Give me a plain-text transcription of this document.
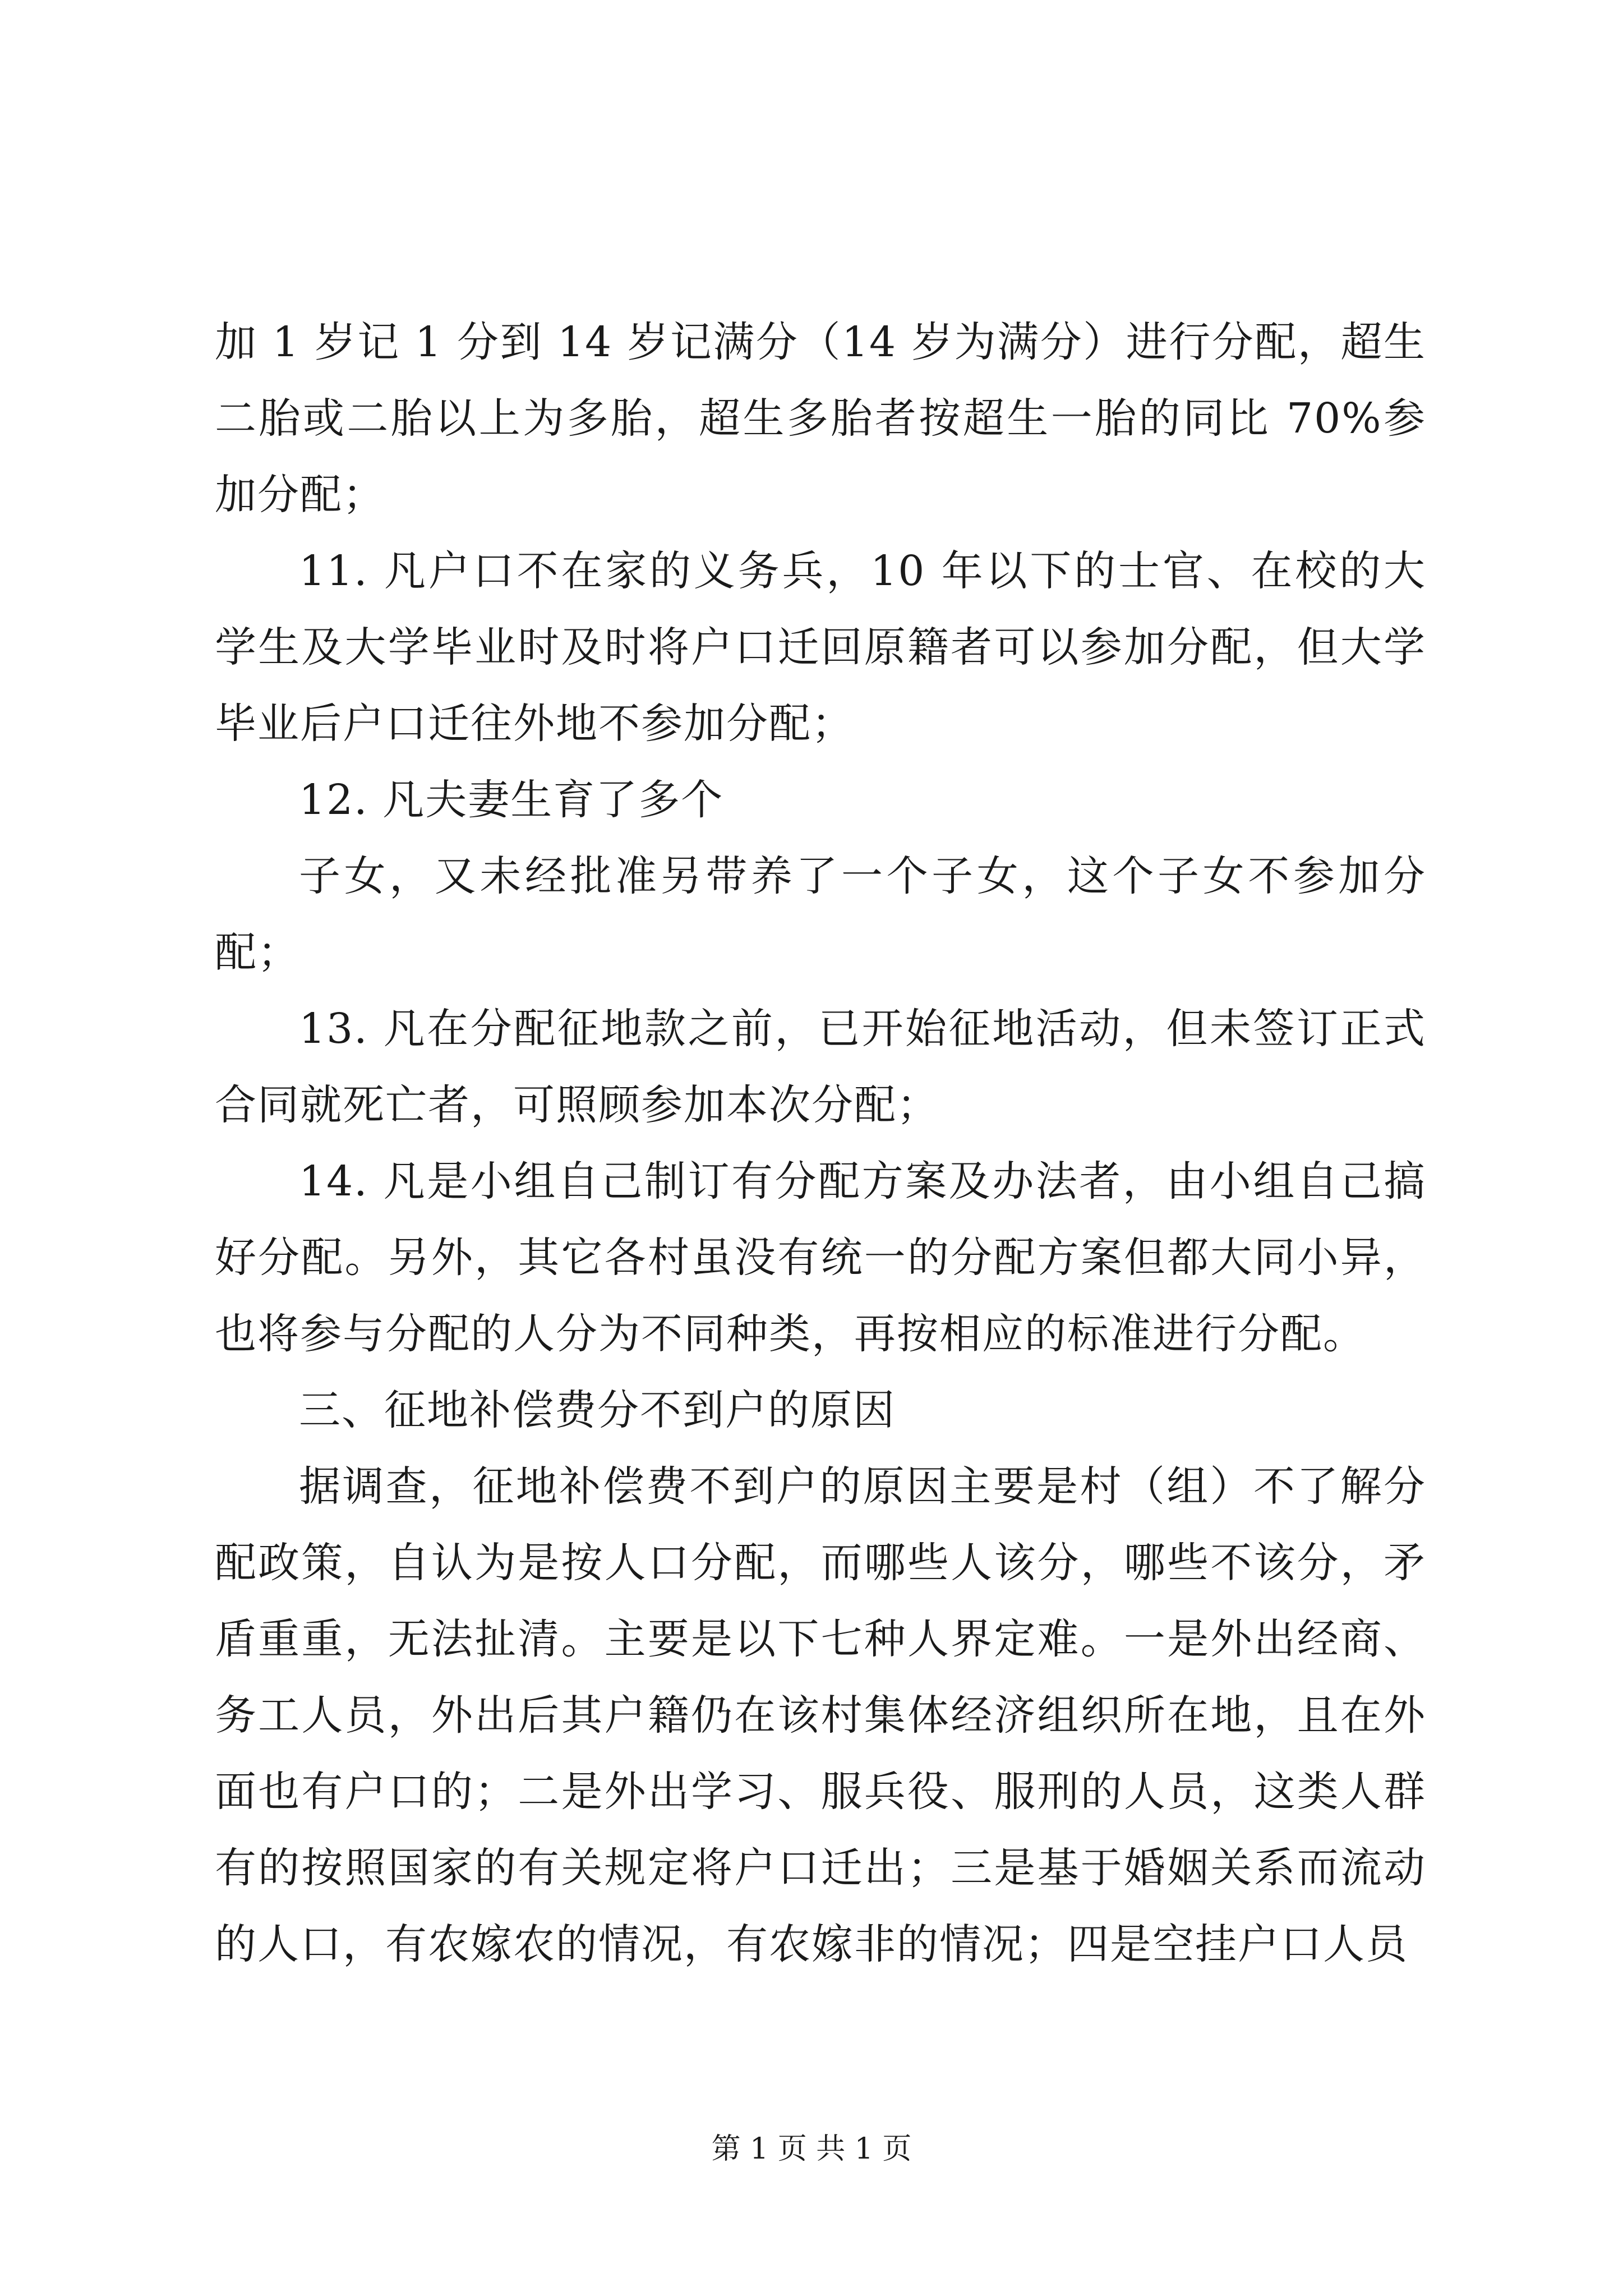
加 1 岁记 1 分到 14 岁记满分（14 岁为满分）进行分配，超生二胎或二胎以上为多胎，超生多胎者按超生一胎的同比 70%参加分配；

11. 凡户口不在家的义务兵，10 年以下的士官、在校的大学生及大学毕业时及时将户口迁回原籍者可以参加分配，但大学毕业后户口迁往外地不参加分配；

12. 凡夫妻生育了多个

子女，又未经批准另带养了一个子女，这个子女不参加分配；

13. 凡在分配征地款之前，已开始征地活动，但未签订正式合同就死亡者，可照顾参加本次分配；

14. 凡是小组自己制订有分配方案及办法者，由小组自己搞好分配。另外，其它各村虽没有统一的分配方案但都大同小异，也将参与分配的人分为不同种类，再按相应的标准进行分配。

三、征地补偿费分不到户的原因

据调查，征地补偿费不到户的原因主要是村（组）不了解分配政策，自认为是按人口分配，而哪些人该分，哪些不该分，矛盾重重，无法扯清。主要是以下七种人界定难。一是外出经商、务工人员，外出后其户籍仍在该村集体经济组织所在地，且在外面也有户口的；二是外出学习、服兵役、服刑的人员，这类人群有的按照国家的有关规定将户口迁出；三是基于婚姻关系而流动的人口，有农嫁农的情况，有农嫁非的情况；四是空挂户口人员

第 1 页 共 1 页
